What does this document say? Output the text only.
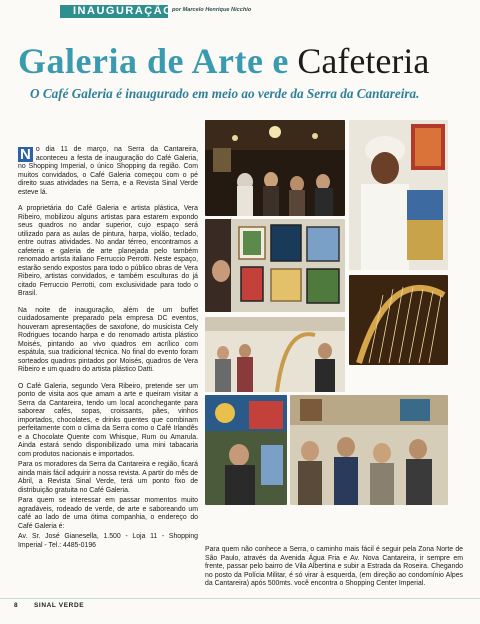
INAUGURAÇÃO
por Marcelo Henrique Nicchio
Galeria de Arte e Cafeteria
O Café Galeria é inaugurado em meio ao verde da Serra da Cantareira.

N o dia 11 de março, na Serra da Cantareira, aconteceu a festa de inauguração do Café Galeria, no Shopping Imperial, o único Shopping da região. Com muitos convidados, o Café Galeria começou com o pé direito suas atividades na Serra, e a Revista Sinal Verde esteve lá.

A proprietária do Café Galeria e artista plástica, Vera Ribeiro, mobilizou alguns artistas para estarem expondo seus quadros no andar superior, cujo espaço será utilizado para as aulas de pintura, harpa, violão, teclado, entre outras atividades. No andar térreo, encontramos a cafeteria e galeria de arte planejada pelo também renomado artista italiano Ferruccio Perrotti. Neste espaço, estarão sendo expostos para todo o público obras de Vera Ribeiro, artistas convidados, e também esculturas do já citado Ferruccio Perrotti, com exclusividade para todo o Brasil.

Na noite de inauguração, além de um buffet cuidadosamente preparado pela empresa DC eventos, houveram apresentações de saxofone, do musicista Cely Rodrigues tocando harpa e do renomado artista plástico Moisés, pintando ao vivo quadros em acrílico com espátula, sua tradicional técnica. No final do evento foram sorteados quadros pintados por Moisés, quadros de Vera Ribeiro e um quadro do artista plástico Datti.

O Café Galeria, segundo Vera Ribeiro, pretende ser um ponto de visita aos que amam a arte e queiram visitar a Serra da Cantareira, tendo um local aconchegante para saborear cafés, sopas, croissants, pães, vinhos importados, chocolates, e drinks quentes que combinam perfeitamente com o clima da Serra como o Café Irlandês e a Chocolate Quente com Whisque, Rum ou Amarula. Ainda estará sendo disponibilizado uma mini tabacaria com produtos nacionais e importados.

Para os moradores da Serra da Cantareira e região, ficará ainda mais fácil adquirir a nossa revista. A partir do mês de Abril, a Revista Sinal Verde, terá um ponto fixo de distribuição gratuita no Café Galeria.

Para quem se interessar em passar momentos muito agradáveis, rodeado de verde, de arte e saboreando um café ao lado de uma ótima companhia, o endereço do Café Galeria é:

Av. Sr. José Gianesella, 1.500 - Loja 11 - Shopping Imperial - Tel.: 4485-0196

Para quem não conhece a Serra, o caminho mais fácil é seguir pela Zona Norte de São Paulo, através da Avenida Água Fria e Av. Nova Cantareira, ir sempre em frente, passar pelo bairro de Vila Albertina e subir a Estrada da Roseira. Chegando no posto da Polícia Militar, é só virar à esquerda, (em direção ao condomínio Alpes da Cantareira) após 500mts. você encontra o Shopping Center Imperial.
8	SINAL VERDE
